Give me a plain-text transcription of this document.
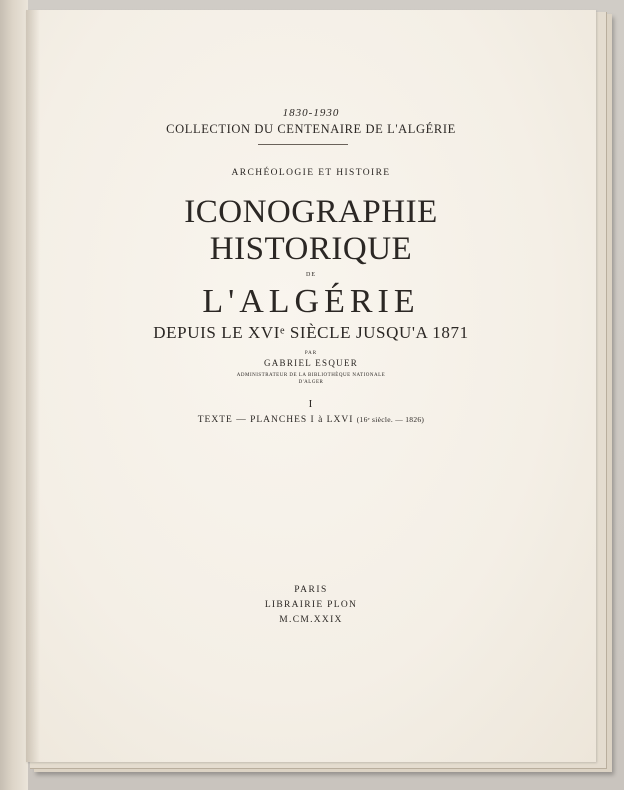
1830-1930
COLLECTION DU CENTENAIRE DE L'ALGÉRIE
ARCHÉOLOGIE ET HISTOIRE
ICONOGRAPHIE
HISTORIQUE
DE
L'ALGÉRIE
DEPUIS LE XVIᵉ SIÈCLE JUSQU'A 1871
PAR
GABRIEL ESQUER
ADMINISTRATEUR DE LA BIBLIOTHÈQUE NATIONALE
D'ALGER
I
TEXTE — PLANCHES I à LXVI (16ᵉ siècle. — 1826)
PARIS
LIBRAIRIE PLON
M.CM.XXIX
